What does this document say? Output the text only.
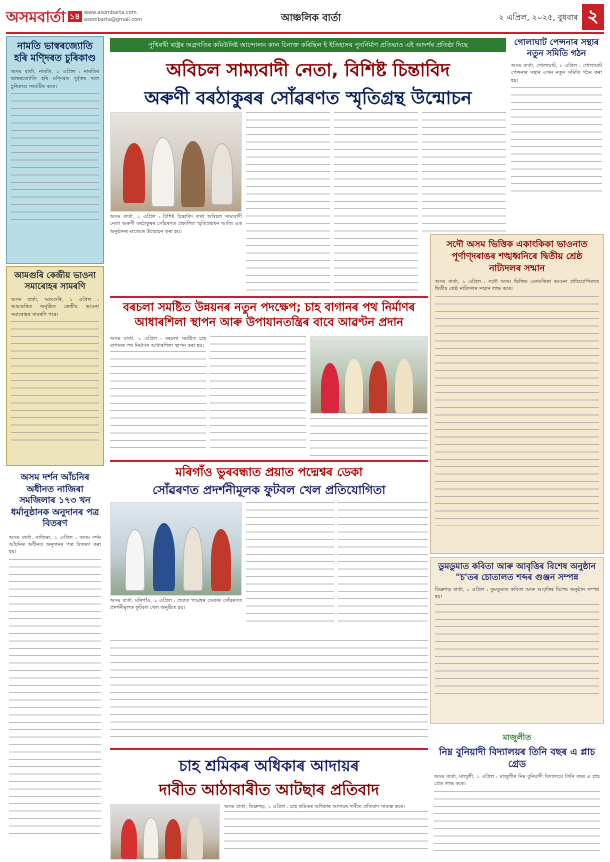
অসমবাৰ্তা ১৪ www.asombarta.com
asombarta@gmail.com	আঞ্চলিক বাৰ্তা	২ এপ্ৰিল, ২০২৫, বুধবাৰ ২
নামতি ভাস্বৰজ্যোতি হৰি মণ্দিৰত চুৰিকাণ্ড
অসম বাৰ্তা, নামতি, ১ এপ্ৰিল : নামতিৰ ভাস্বৰজ্যোতি হৰি মণ্দিৰত দুৰ্বৃত্তৰ দলে চুৰিকাণ্ড সংঘটিত কৰে।
আমগুৰি কেন্দ্ৰীয় ভাওনা সমাৰোহৰ সামৰণি
অসম বাৰ্তা, আমগুৰি, ১ এপ্ৰিল : আমগুৰিত অনুষ্ঠিত কেন্দ্ৰীয় ভাওনা সমাৰোহৰ সামৰণি পৰে।
অসম দৰ্শন আঁচনিৰ অধীনত নাজিৰা সমজিলাৰ ১৭৩ খন ধৰ্মানুষ্ঠানক অনুদানৰ পত্ৰ বিতৰণ
অসম বাৰ্তা, নাজিৰা, ১ এপ্ৰিল : অসম দৰ্শন আঁচনিৰ অধীনত অনুদানৰ পত্ৰ বিতৰণ কৰা হয়।
পুথিৰখী ৰাষ্ট্ৰৰ অগ্ৰগতিৰ কমিউনিষ্ট আন্দোলন কাল চিনাক্ত কৰিছিল ই ইতিহাসৰ পুনৰ্নিৰ্মাণ প্ৰতিভাও এই আদৰ্শৰ প্ৰতিষ্ঠা দিছে
অবিচল সাম্যবাদী নেতা, বিশিষ্ট চিন্তাবিদ
অৰুণী বৰঠাকুৰৰ সোঁৱৰণত স্মৃতিগ্ৰন্থ উন্মোচন
অসম বাৰ্তা, ১ এপ্ৰিল : বিশিষ্ট চিন্তাবিদ তথা অবিচল সাম্যবাদী নেতা অৰুণী বৰঠাকুৰৰ সোঁৱৰণত প্ৰকাশিত স্মৃতিগ্ৰন্থখন আজি এক অনুষ্ঠানৰ মাজেৰে উন্মোচন কৰা হয়।
গোলাঘাট পেন্সনাৰ সন্থাৰ নতুন সমিতি গঠন
অসম বাৰ্তা, গোলাঘাট, ১ এপ্ৰিল : গোলাঘাট পেন্সনাৰ সন্থাৰ এখন নতুন সমিতি গঠন কৰা হয়।
বৰচলা সমষ্টিত উন্নয়নৰ নতুন পদক্ষেপ; চাহ বাগানৰ পথ নিৰ্মাণৰ
আধাৰশিলা স্থাপন আৰু উপাযানতন্ত্ৰিৰ বাবে আৱণ্টন প্ৰদান
অসম বাৰ্তা, ১ এপ্ৰিল : বৰচলা সমষ্টিত চাহ বাগানৰ পথ নিৰ্মাণৰ আধাৰশিলা স্থাপন কৰা হয়।
মৰিগাঁও ভুৰবন্ধাত প্ৰয়াত পদ্মেশ্বৰ ডেকা
সোঁৱৰণত প্ৰদৰ্শনীমূলক ফুটবল খেল প্ৰতিযোগিতা
অসম বাৰ্তা, মৰিগাঁও, ১ এপ্ৰিল : প্ৰয়াত পদ্মেশ্বৰ ডেকাৰ সোঁৱৰণত প্ৰদৰ্শনীমূলক ফুটবল খেল অনুষ্ঠিত হয়।
চাহ শ্ৰমিকৰ অধিকাৰ আদায়ৰ
দাবীত আঠাবাৰীত আটছাৰ প্ৰতিবাদ
অসম বাৰ্তা, ডিব্ৰুগড়, ১ এপ্ৰিল : চাহ শ্ৰমিকৰ অধিকাৰ আদায়ৰ দাবীত প্ৰতিবাদ সাব্যস্ত কৰে।
সদৌ অসম ভিত্তিক একাংকিকা ভাওনাত পূৰ্ণাণ্দৰাঙৰ শঙ্খধ্বনিৰে দ্বিতীয় শ্ৰেষ্ঠ নাট্যদলৰ সন্মান
অসম বাৰ্তা, ১ এপ্ৰিল : সদৌ অসম ভিত্তিক একাংকিকা ভাওনা প্ৰতিযোগিতাত দ্বিতীয় শ্ৰেষ্ঠ নাট্যদলৰ সন্মান লাভ কৰে।
ডুমডুমাত কবিতা আৰু আবৃত্তিৰ বিশেষ অনুষ্ঠান "চ'তৰ চোতালত শব্দৰ গুঞ্জন সম্পন্ন
ডিব্ৰুগড় বাৰ্তা, ১ এপ্ৰিল : ডুমডুমাত কবিতা আৰু আবৃত্তিৰ বিশেষ অনুষ্ঠান সম্পন্ন হয়।
মাজুলীত
নিম্ন বুনিয়াদী বিদ্যালয়ৰ তিনি বছৰ এ প্লাচ গ্ৰেড
অসম বাৰ্তা, মাজুলী, ১ এপ্ৰিল : মাজুলীৰ নিম্ন বুনিয়াদী বিদ্যালয়ে তিনি বছৰ এ প্লাচ গ্ৰেড লাভ কৰে।
